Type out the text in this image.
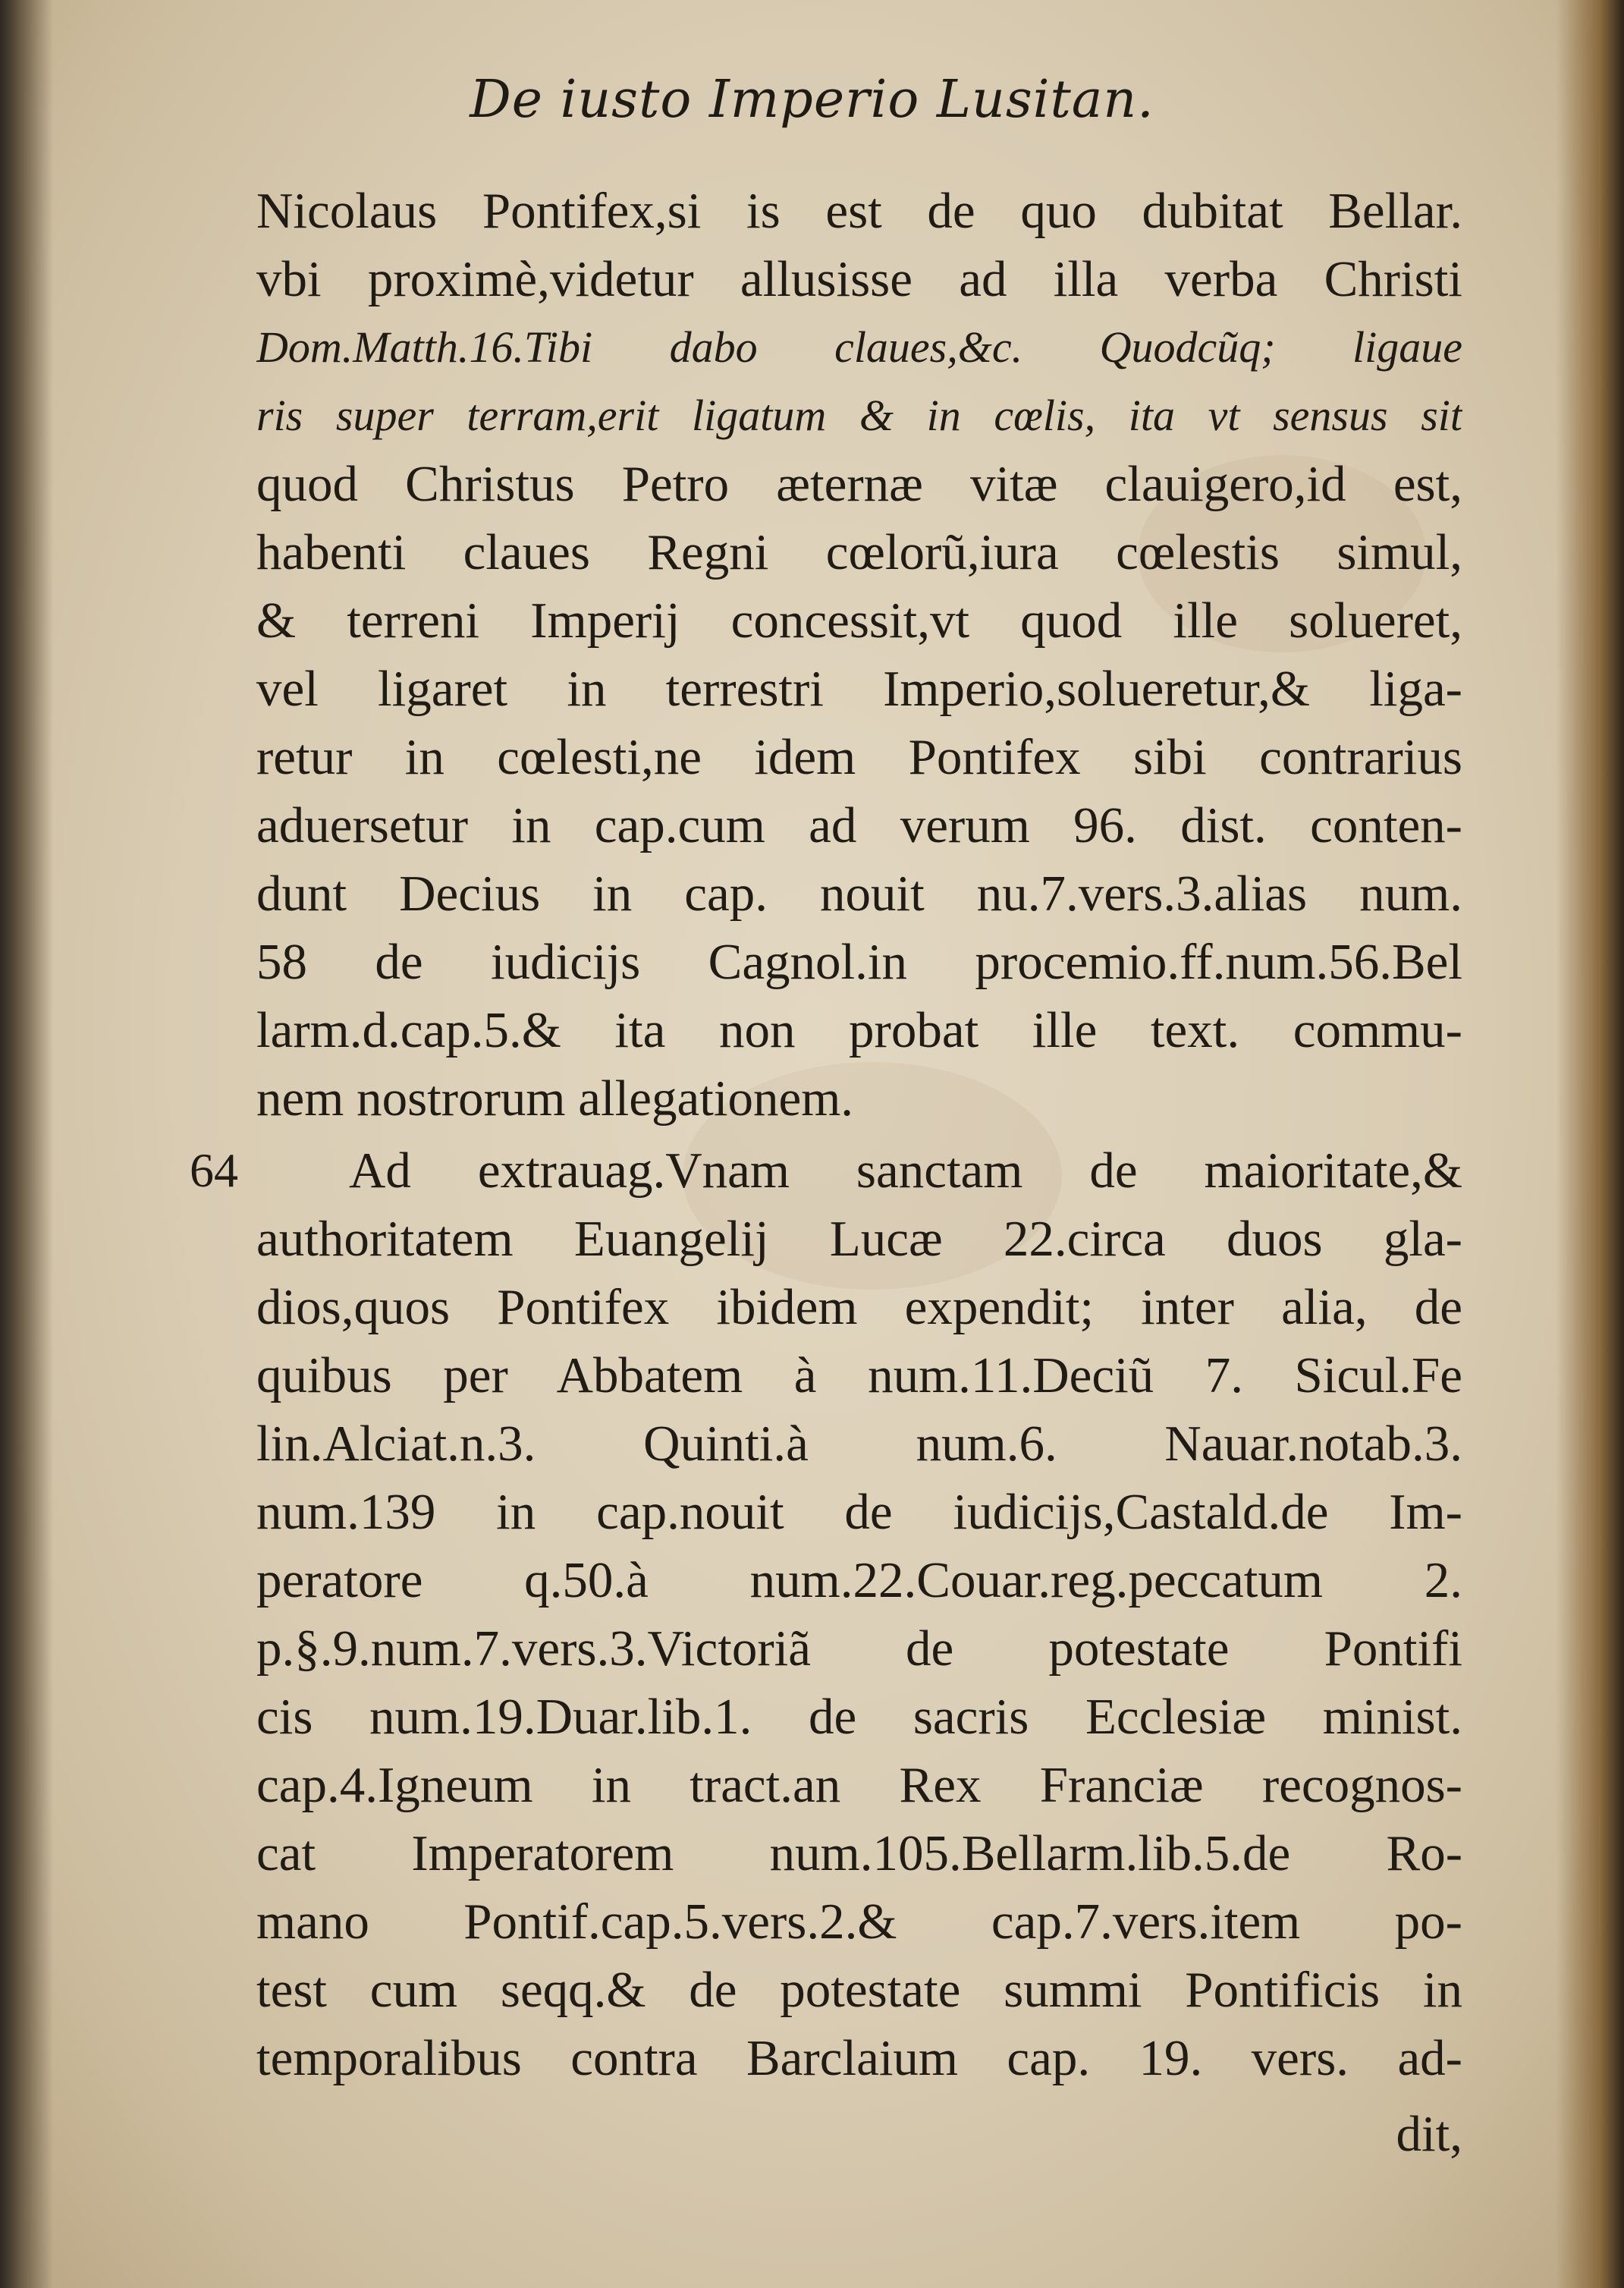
De iusto Imperio Lusitan.
64
Nicolaus Pontifex,si is est de quo dubitat Bellar.
vbi proximè,videtur allusisse ad illa verba Christi
Dom.Matth.16.Tibi dabo claues,&c. Quodcũq; ligaue
ris super terram,erit ligatum & in cœlis, ita vt sensus sit
quod Christus Petro æternæ vitæ clauigero,id est,
habenti claues Regni cœlorũ,iura cœlestis simul,
& terreni Imperij concessit,vt quod ille solueret,
vel ligaret in terrestri Imperio,solueretur,& liga-
retur in cœlesti,ne idem Pontifex sibi contrarius
aduersetur in cap.cum ad verum 96. dist. conten-
dunt Decius in cap. nouit nu.7.vers.3.alias num.
58 de iudicijs Cagnol.in procemio.ff.num.56.Bel
larm.d.cap.5.& ita non probat ille text. commu-
nem nostrorum allegationem.
Ad extrauag.Vnam sanctam de maioritate,&
authoritatem Euangelij Lucæ 22.circa duos gla-
dios,quos Pontifex ibidem expendit; inter alia, de
quibus per Abbatem à num.11.Deciũ 7. Sicul.Fe
lin.Alciat.n.3. Quinti.à num.6. Nauar.notab.3.
num.139 in cap.nouit de iudicijs,Castald.de Im-
peratore q.50.à num.22.Couar.reg.peccatum 2.
p.§.9.num.7.vers.3.Victoriã de potestate Pontifi
cis num.19.Duar.lib.1. de sacris Ecclesiæ minist.
cap.4.Igneum in tract.an Rex Franciæ recognos-
cat Imperatorem num.105.Bellarm.lib.5.de Ro-
mano Pontif.cap.5.vers.2.& cap.7.vers.item po-
test cum seqq.& de potestate summi Pontificis in
temporalibus contra Barclaium cap. 19. vers. ad-
dit,
